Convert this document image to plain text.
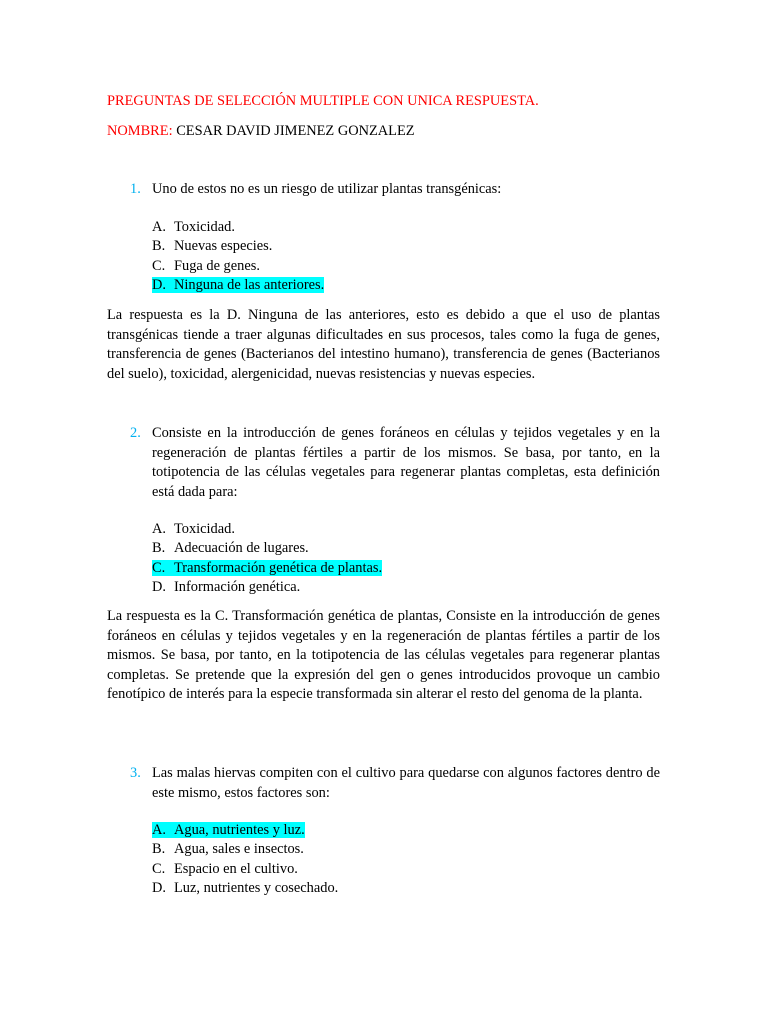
PREGUNTAS DE SELECCIÓN MULTIPLE CON UNICA RESPUESTA.
NOMBRE: CESAR DAVID JIMENEZ GONZALEZ
1. Uno de estos no es un riesgo de utilizar plantas transgénicas:
A. Toxicidad.
B. Nuevas especies.
C. Fuga de genes.
D. Ninguna de las anteriores.
La respuesta es la D. Ninguna de las anteriores, esto es debido a que el uso de plantas transgénicas tiende a traer algunas dificultades en sus procesos, tales como la fuga de genes, transferencia de genes (Bacterianos del intestino humano), transferencia de genes (Bacterianos del suelo), toxicidad, alergenicidad, nuevas resistencias y nuevas especies.
2. Consiste en la introducción de genes foráneos en células y tejidos vegetales y en la regeneración de plantas fértiles a partir de los mismos. Se basa, por tanto, en la totipotencia de las células vegetales para regenerar plantas completas, esta definición está dada para:
A. Toxicidad.
B. Adecuación de lugares.
C. Transformación genética de plantas.
D. Información genética.
La respuesta es la C. Transformación genética de plantas, Consiste en la introducción de genes foráneos en células y tejidos vegetales y en la regeneración de plantas fértiles a partir de los mismos. Se basa, por tanto, en la totipotencia de las células vegetales para regenerar plantas completas. Se pretende que la expresión del gen o genes introducidos provoque un cambio fenotípico de interés para la especie transformada sin alterar el resto del genoma de la planta.
3. Las malas hiervas compiten con el cultivo para quedarse con algunos factores dentro de este mismo, estos factores son:
A. Agua, nutrientes y luz.
B. Agua, sales e insectos.
C. Espacio en el cultivo.
D. Luz, nutrientes y cosechado.
